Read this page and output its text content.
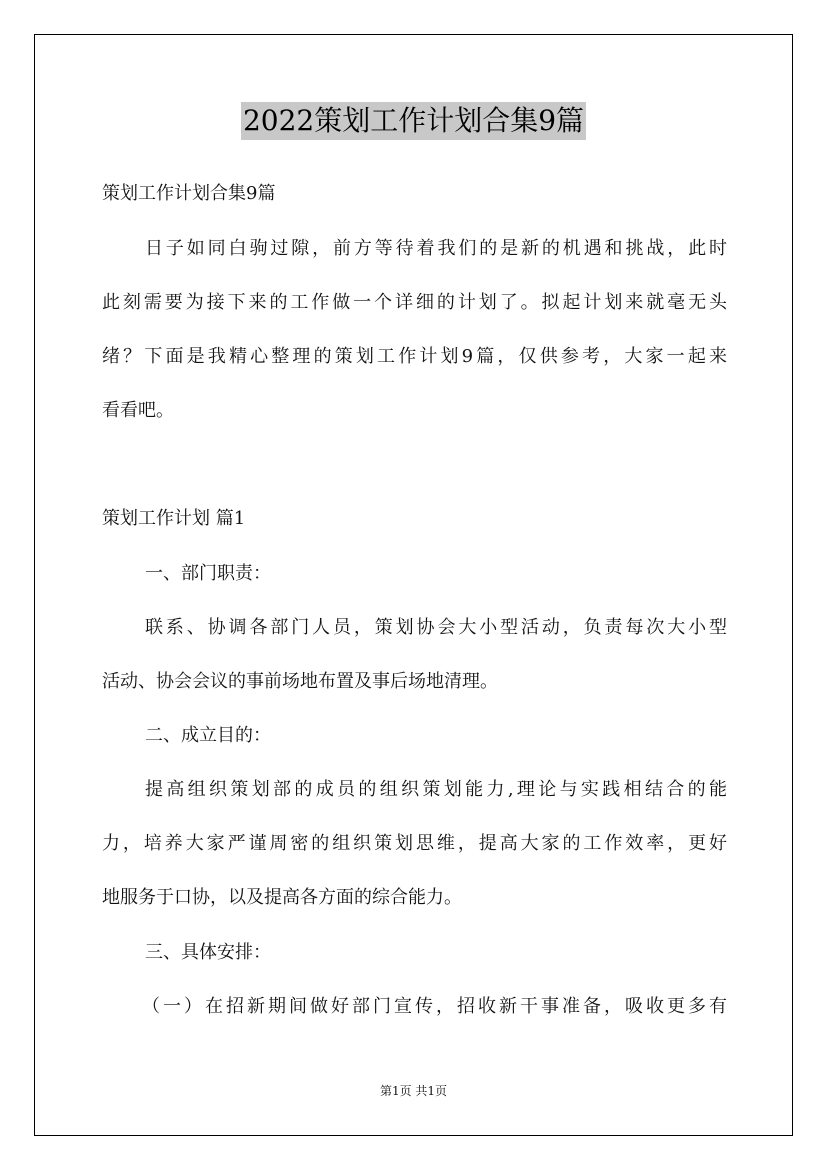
2022策划工作计划合集9篇
策划工作计划合集9篇
日子如同白驹过隙，前方等待着我们的是新的机遇和挑战，此时
此刻需要为接下来的工作做一个详细的计划了。拟起计划来就毫无头
绪？下面是我精心整理的策划工作计划9篇，仅供参考，大家一起来
看看吧。
策划工作计划 篇1
一、部门职责：
联系、协调各部门人员，策划协会大小型活动，负责每次大小型
活动、协会会议的事前场地布置及事后场地清理。
二、成立目的：
提高组织策划部的成员的组织策划能力,理论与实践相结合的能
力，培养大家严谨周密的组织策划思维，提高大家的工作效率，更好
地服务于口协，以及提高各方面的综合能力。
三、具体安排：
（一）在招新期间做好部门宣传，招收新干事准备，吸收更多有
第1页 共1页
